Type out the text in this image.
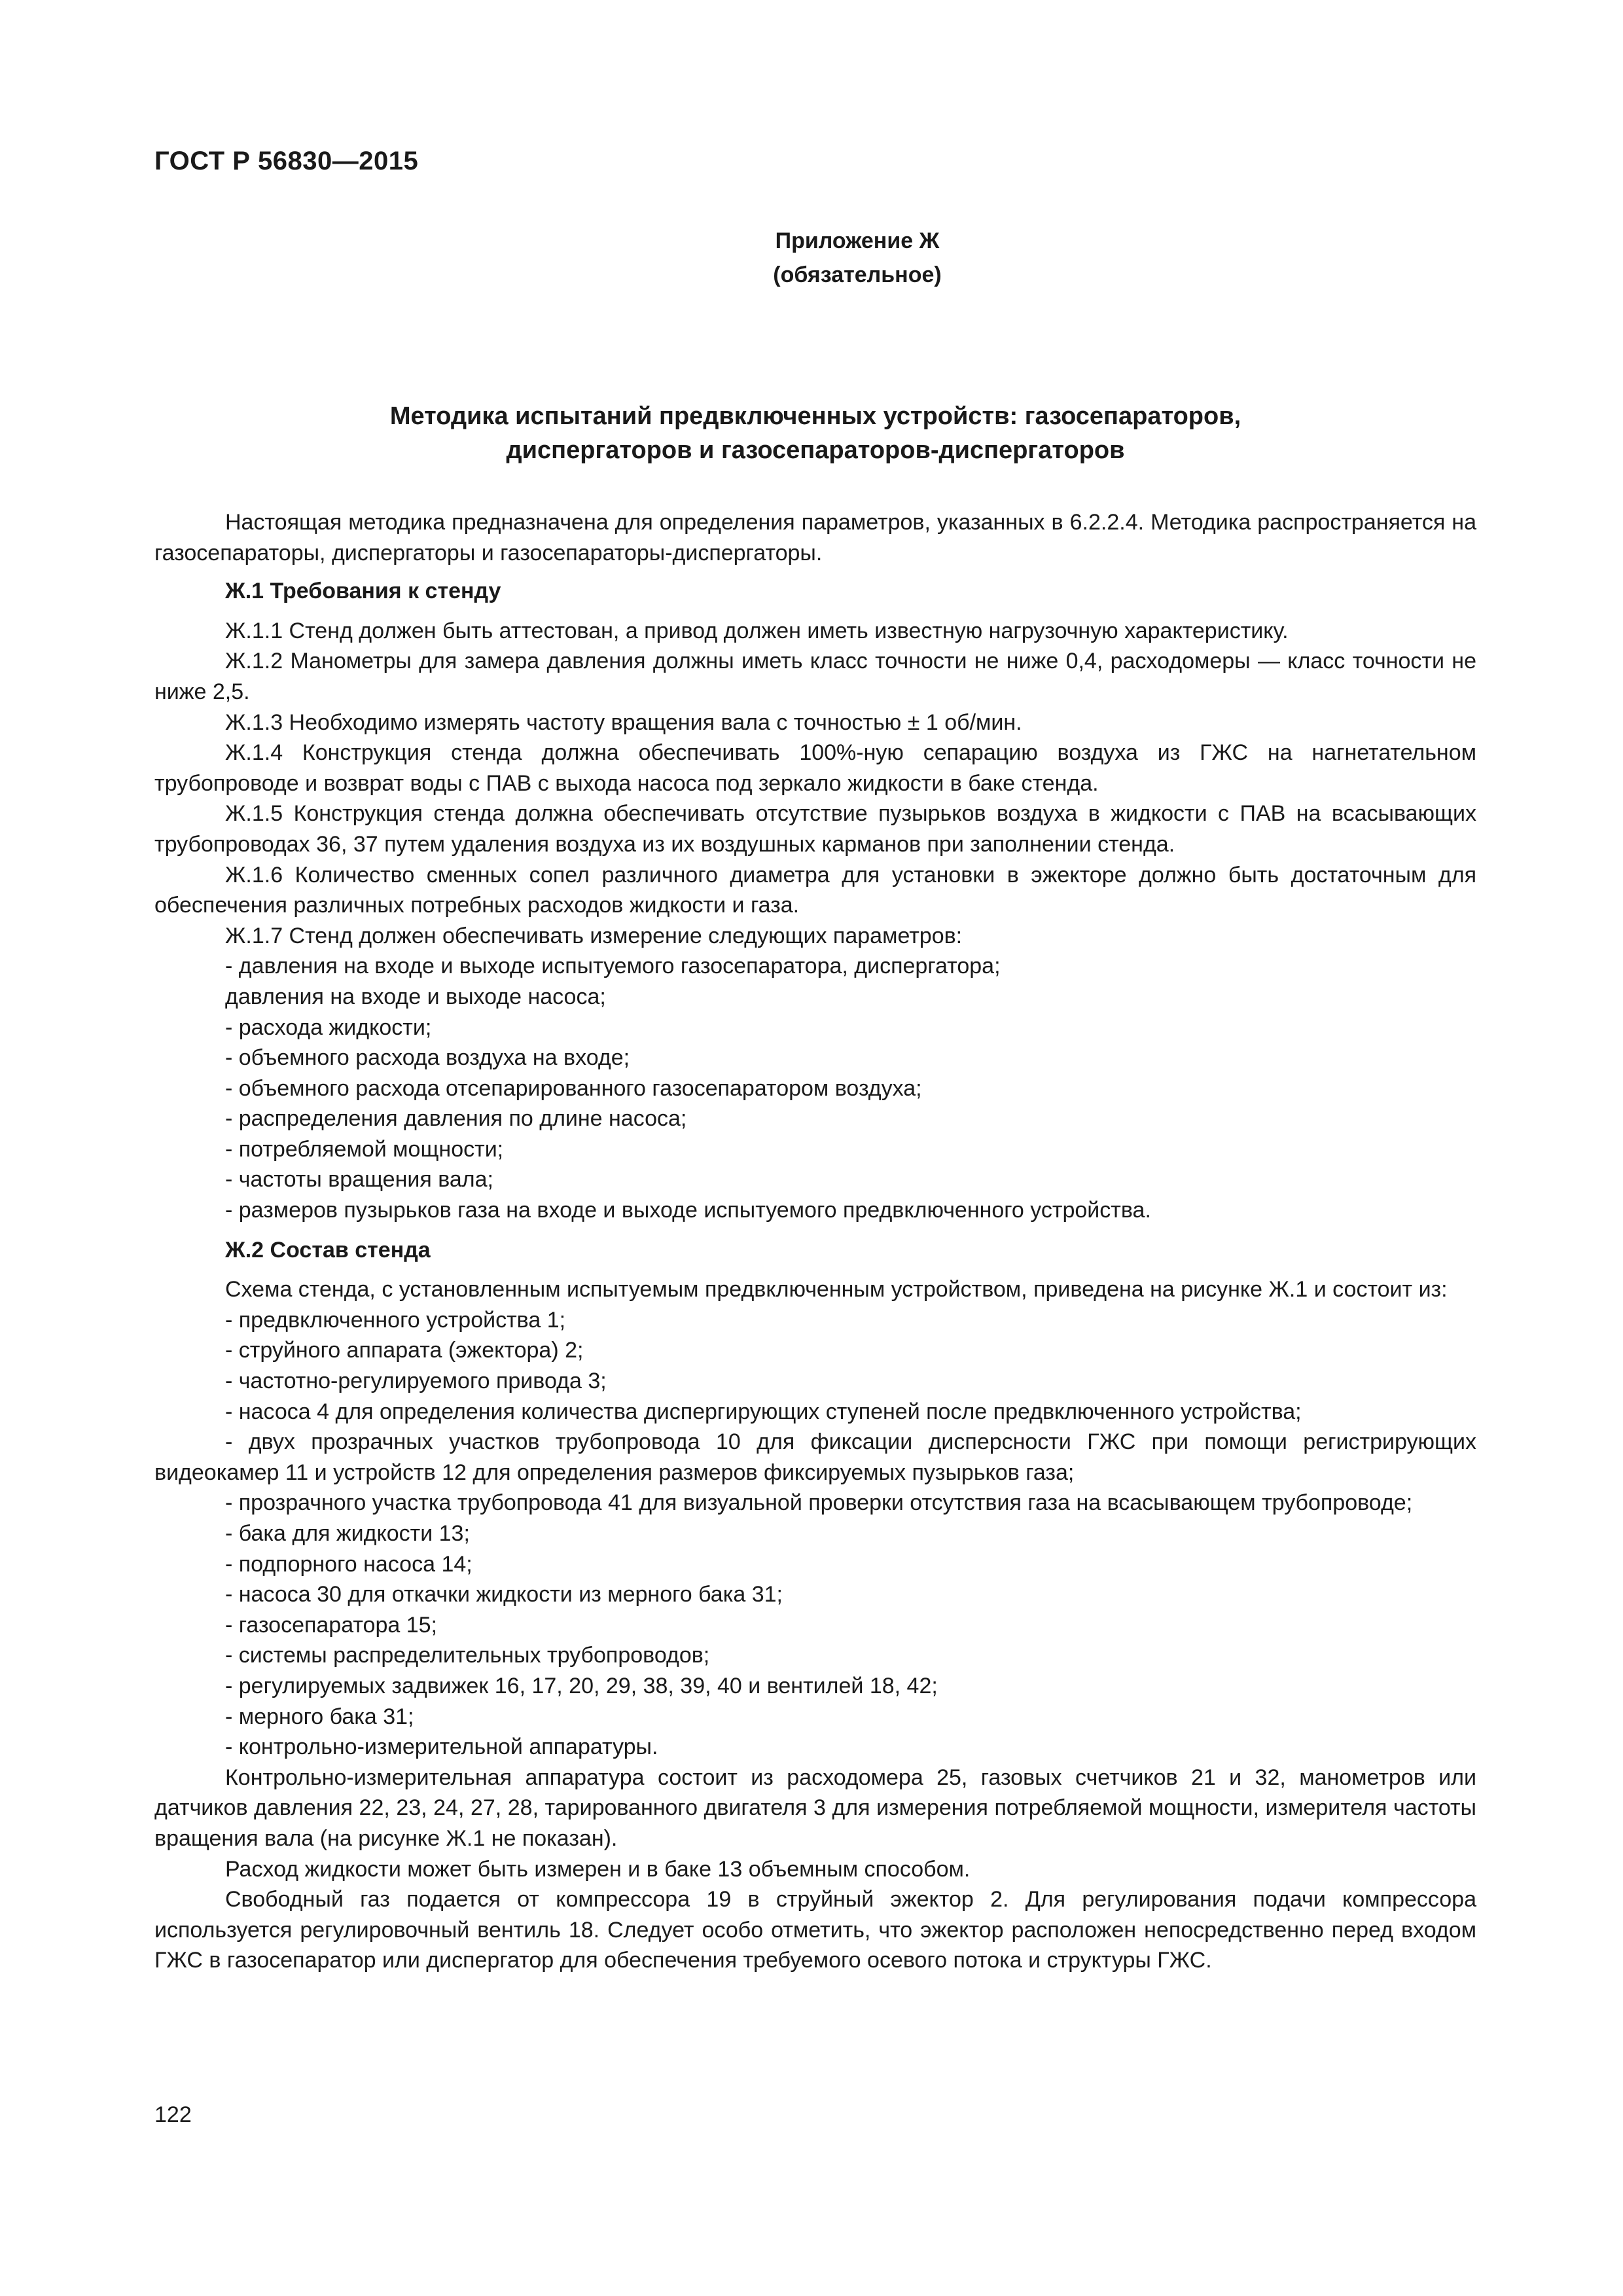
ГОСТ Р 56830—2015
Приложение Ж
(обязательное)
Методика испытаний предвключенных устройств: газосепараторов,
диспергаторов и газосепараторов-диспергаторов

Настоящая методика предназначена для определения параметров, указанных в 6.2.2.4. Методика распространяется на газосепараторы, диспергаторы и газосепараторы-диспергаторы.

Ж.1 Требования к стенду

Ж.1.1 Стенд должен быть аттестован, а привод должен иметь известную нагрузочную характеристику.

Ж.1.2 Манометры для замера давления должны иметь класс точности не ниже 0,4, расходомеры — класс точности не ниже 2,5.

Ж.1.3 Необходимо измерять частоту вращения вала с точностью ± 1 об/мин.

Ж.1.4 Конструкция стенда должна обеспечивать 100%-ную сепарацию воздуха из ГЖС на нагнетательном трубопроводе и возврат воды с ПАВ с выхода насоса под зеркало жидкости в баке стенда.

Ж.1.5 Конструкция стенда должна обеспечивать отсутствие пузырьков воздуха в жидкости с ПАВ на всасывающих трубопроводах 36, 37 путем удаления воздуха из их воздушных карманов при заполнении стенда.

Ж.1.6 Количество сменных сопел различного диаметра для установки в эжекторе должно быть достаточным для обеспечения различных потребных расходов жидкости и газа.

Ж.1.7 Стенд должен обеспечивать измерение следующих параметров:

- давления на входе и выходе испытуемого газосепаратора, диспергатора;
давления на входе и выходе насоса;
- расхода жидкости;
- объемного расхода воздуха на входе;
- объемного расхода отсепарированного газосепаратором воздуха;
- распределения давления по длине насоса;
- потребляемой мощности;
- частоты вращения вала;
- размеров пузырьков газа на входе и выходе испытуемого предвключенного устройства.
Ж.2 Состав стенда

Схема стенда, с установленным испытуемым предвключенным устройством, приведена на рисунке Ж.1 и состоит из:

- предвключенного устройства 1;
- струйного аппарата (эжектора) 2;
- частотно-регулируемого привода 3;
- насоса 4 для определения количества диспергирующих ступеней после предвключенного устройства;
- двух прозрачных участков трубопровода 10 для фиксации дисперсности ГЖС при помощи регистрирующих видеокамер 11 и устройств 12 для определения размеров фиксируемых пузырьков газа;
- прозрачного участка трубопровода 41 для визуальной проверки отсутствия газа на всасывающем трубопроводе;
- бака для жидкости 13;
- подпорного насоса 14;
- насоса 30 для откачки жидкости из мерного бака 31;
- газосепаратора 15;
- системы распределительных трубопроводов;
- регулируемых задвижек 16, 17, 20, 29, 38, 39, 40 и вентилей 18, 42;
- мерного бака 31;
- контрольно-измерительной аппаратуры.

Контрольно-измерительная аппаратура состоит из расходомера 25, газовых счетчиков 21 и 32, манометров или датчиков давления 22, 23, 24, 27, 28, тарированного двигателя 3 для измерения потребляемой мощности, измерителя частоты вращения вала (на рисунке Ж.1 не показан).

Расход жидкости может быть измерен и в баке 13 объемным способом.

Свободный газ подается от компрессора 19 в струйный эжектор 2. Для регулирования подачи компрессора используется регулировочный вентиль 18. Следует особо отметить, что эжектор расположен непосредственно перед входом ГЖС в газосепаратор или диспергатор для обеспечения требуемого осевого потока и структуры ГЖС.

122
